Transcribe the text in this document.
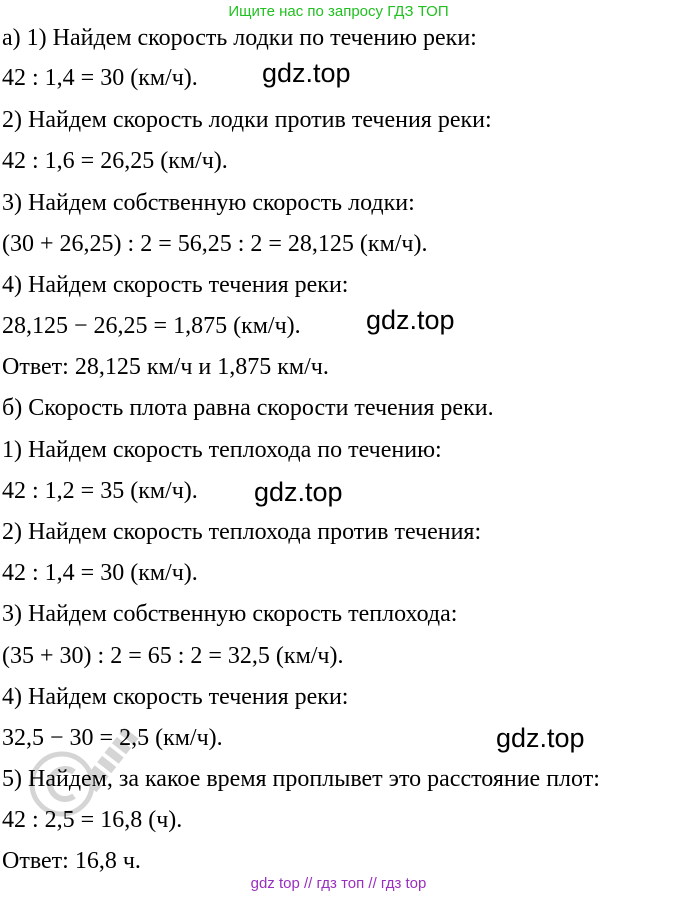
Ищите нас по запросу ГДЗ ТОП
а) 1) Найдем скорость лодки по течению реки:
42 : 1,4 = 30 (км/ч).
2) Найдем скорость лодки против течения реки:
42 : 1,6 = 26,25 (км/ч).
3) Найдем собственную скорость лодки:
(30 + 26,25) : 2 = 56,25 : 2 = 28,125 (км/ч).
4) Найдем скорость течения реки:
28,125 − 26,25 = 1,875 (км/ч).
Ответ: 28,125 км/ч и 1,875 км/ч.
б) Скорость плота равна скорости течения реки.
1) Найдем скорость теплохода по течению:
42 : 1,2 = 35 (км/ч).
2) Найдем скорость теплохода против течения:
42 : 1,4 = 30 (км/ч).
3) Найдем собственную скорость теплохода:
(35 + 30) : 2 = 65 : 2 = 32,5 (км/ч).
4) Найдем скорость течения реки:
32,5 − 30 = 2,5 (км/ч).
5) Найдем, за какое время проплывет это расстояние плот:
42 : 2,5 = 16,8 (ч).
Ответ: 16,8 ч.
gdz.top
gdz.top
gdz.top
gdz.top
gdz top // гдз топ // гдз top
